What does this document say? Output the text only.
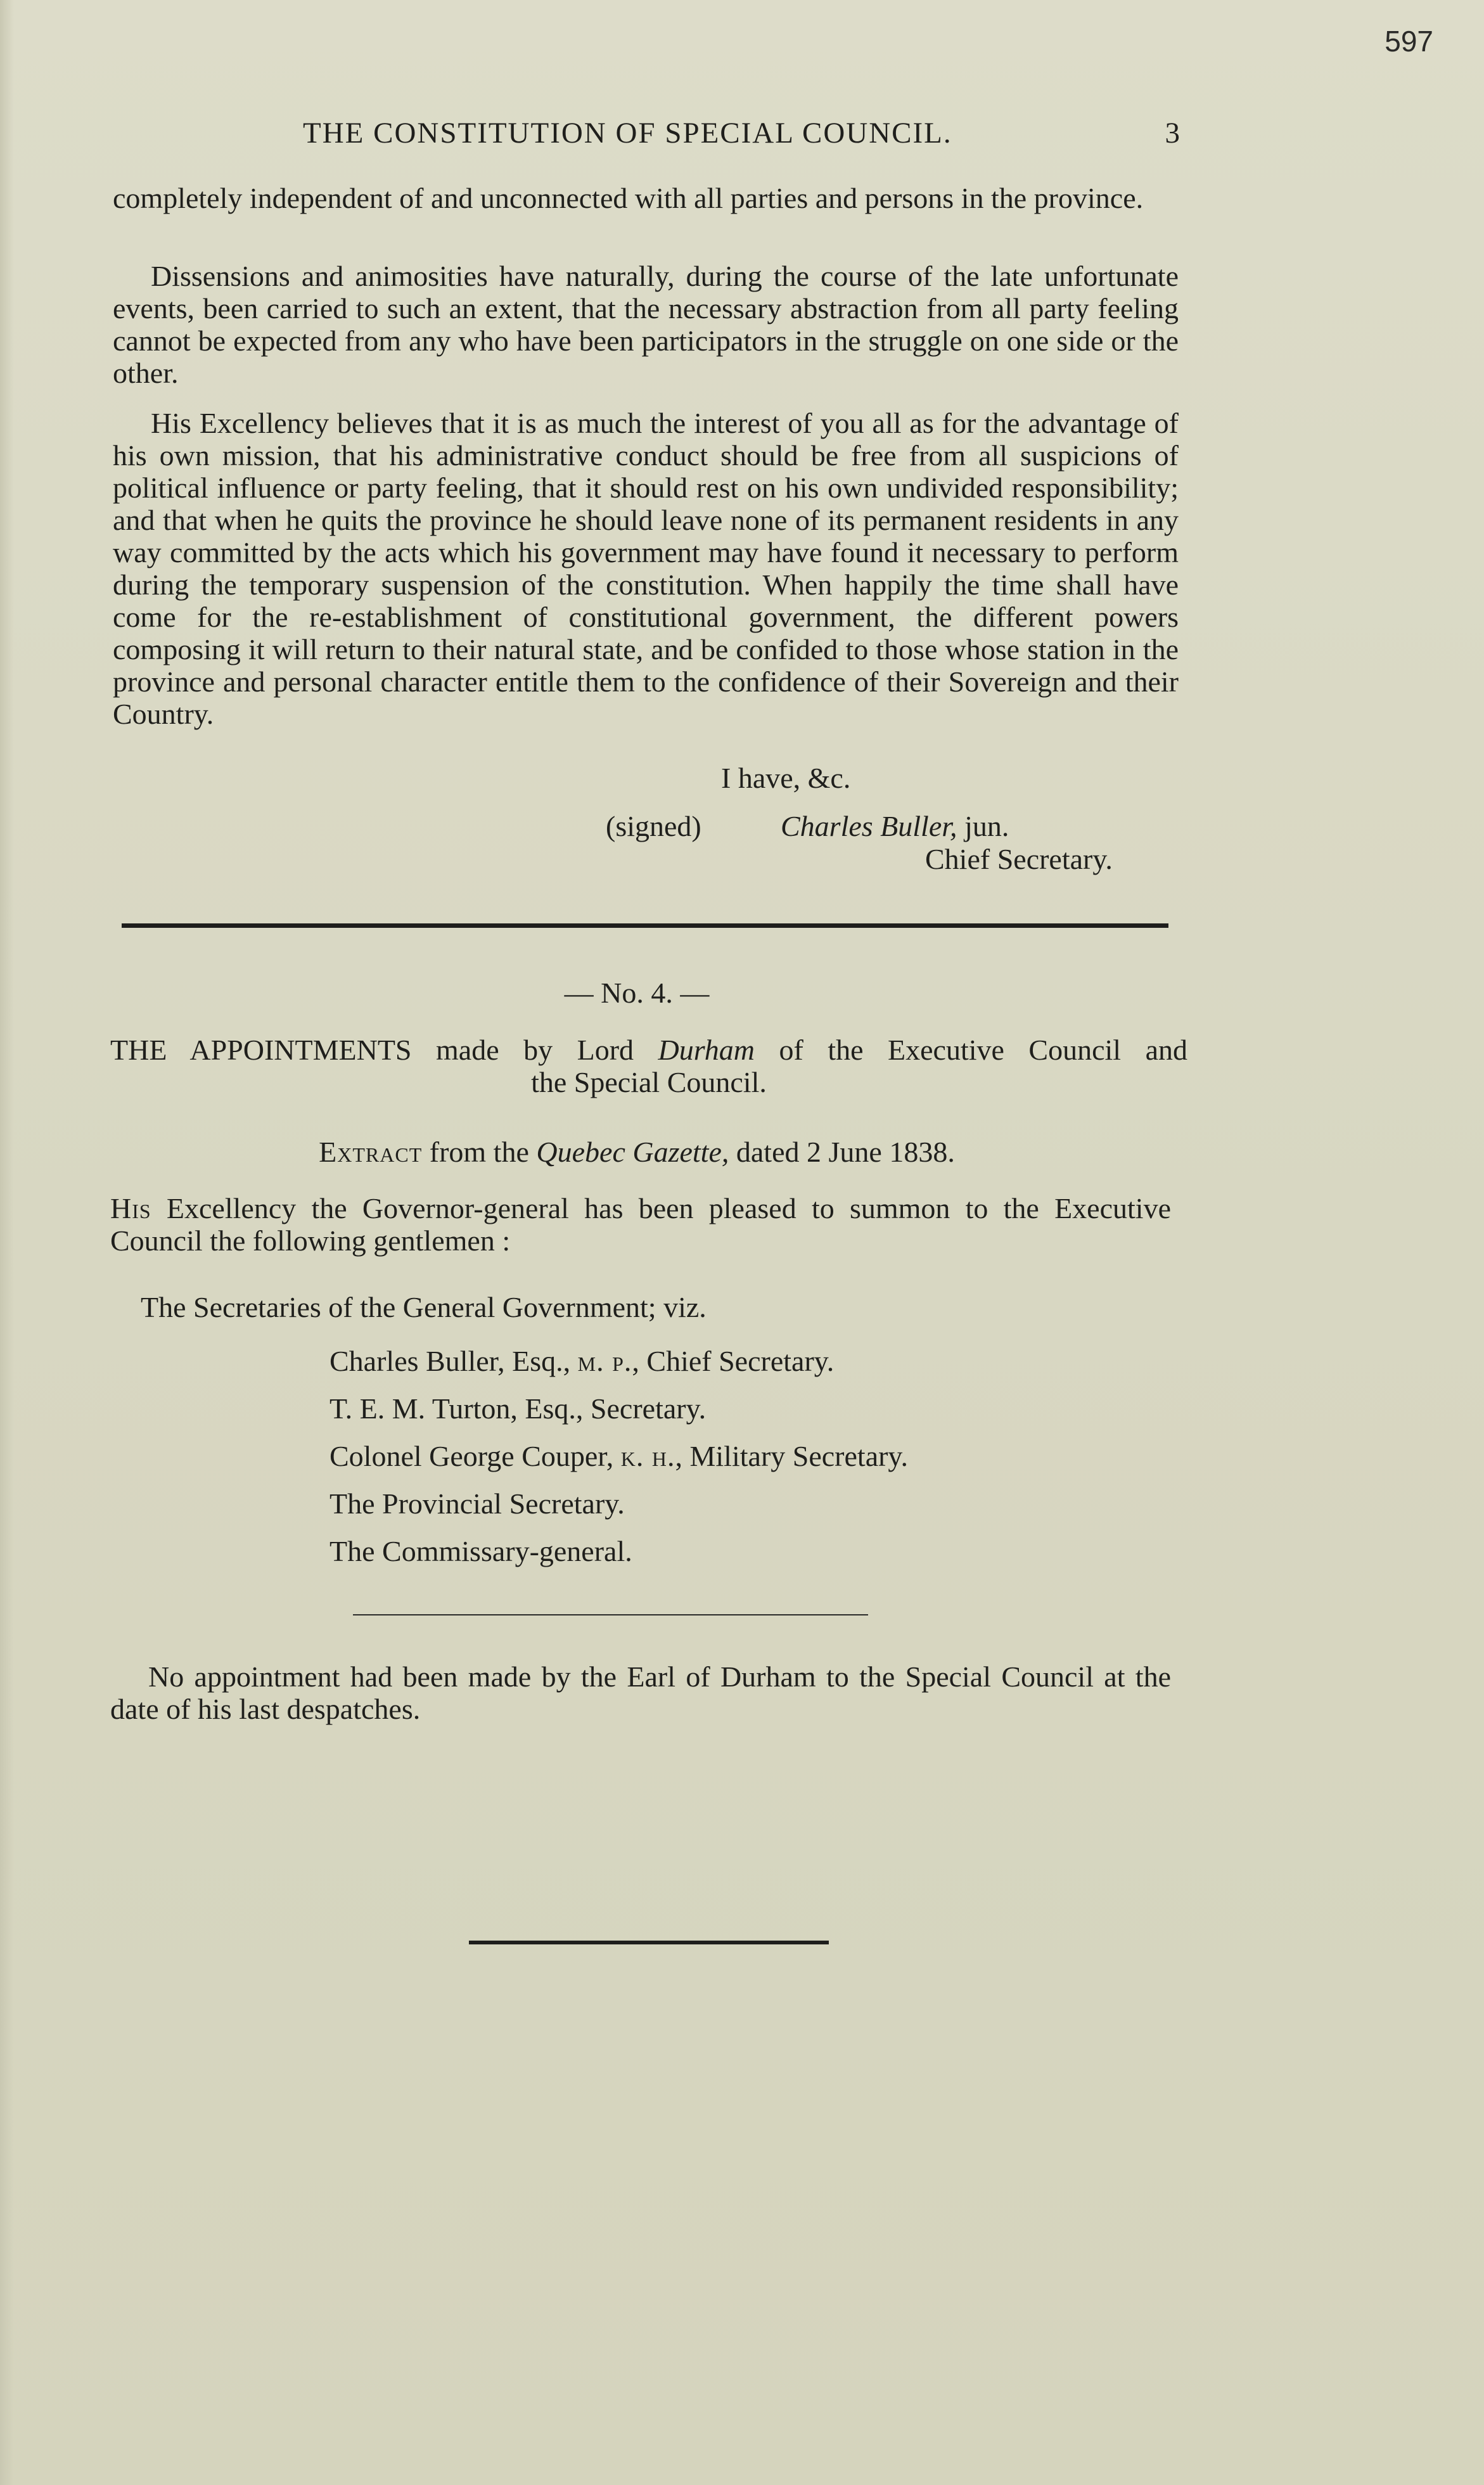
597
THE CONSTITUTION OF SPECIAL COUNCIL.	3
completely independent of and unconnected with all parties and persons in the province.
Dissensions and animosities have naturally, during the course of the late unfortunate events, been carried to such an extent, that the necessary abstraction from all party feeling cannot be expected from any who have been participators in the struggle on one side or the other.
His Excellency believes that it is as much the interest of you all as for the advantage of his own mission, that his administrative conduct should be free from all suspicions of political influence or party feeling, that it should rest on his own undivided responsibility; and that when he quits the province he should leave none of its permanent residents in any way committed by the acts which his government may have found it necessary to perform during the temporary suspension of the constitution. When happily the time shall have come for the re-establishment of constitutional government, the different powers composing it will return to their natural state, and be confided to those whose station in the province and personal character entitle them to the confidence of their Sovereign and their Country.
I have, &c.
(signed)	Charles Buller, jun.
Chief Secretary.
— No. 4. —
THE APPOINTMENTS made by Lord Durham of the Executive Council and
the Special Council.
Extract from the Quebec Gazette, dated 2 June 1838.
His Excellency the Governor-general has been pleased to summon to the Executive Council the following gentlemen :
The Secretaries of the General Government; viz.
Charles Buller, Esq., m. p., Chief Secretary.
T. E. M. Turton, Esq., Secretary.
Colonel George Couper, k. h., Military Secretary.
The Provincial Secretary.
The Commissary-general.
No appointment had been made by the Earl of Durham to the Special Council at the date of his last despatches.
